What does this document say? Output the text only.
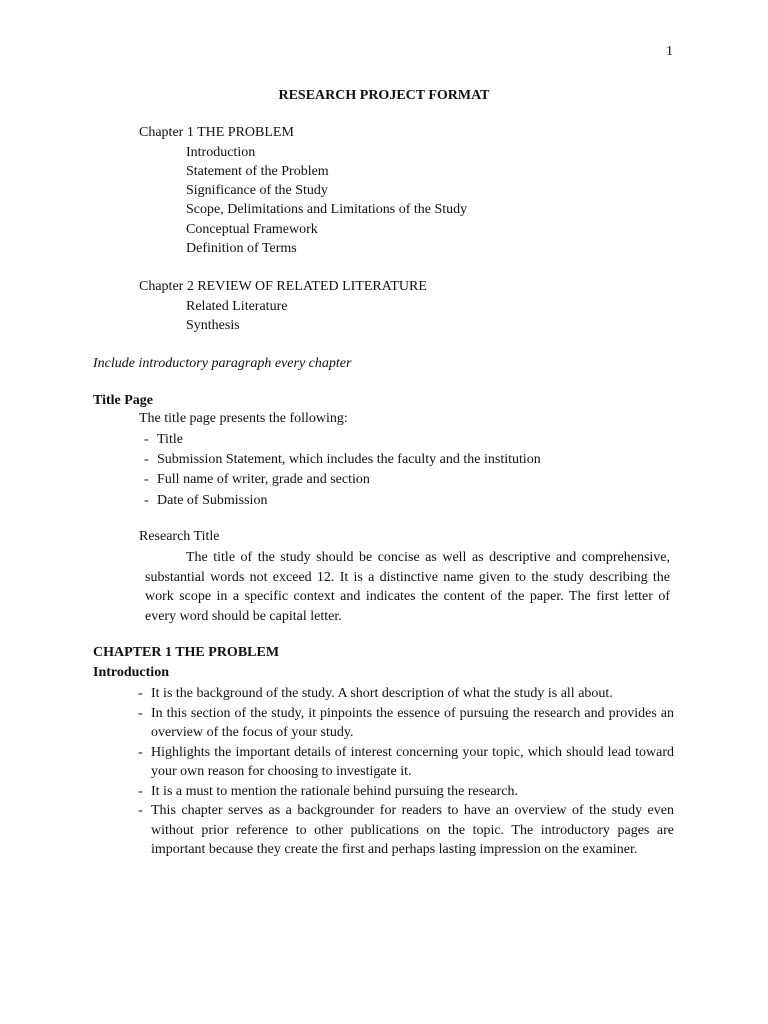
1
RESEARCH PROJECT FORMAT
Chapter 1 THE PROBLEM
Introduction
Statement of the Problem
Significance of the Study
Scope, Delimitations and Limitations of the Study
Conceptual Framework
Definition of Terms
Chapter 2 REVIEW OF RELATED LITERATURE
Related Literature
Synthesis
Include introductory paragraph every chapter
Title Page
The title page presents the following:
- Title
- Submission Statement, which includes the faculty and the institution
- Full name of writer, grade and section
- Date of Submission
Research Title
The title of the study should be concise as well as descriptive and comprehensive, substantial words not exceed 12. It is a distinctive name given to the study describing the work scope in a specific context and indicates the content of the paper. The first letter of every word should be capital letter.
CHAPTER 1 THE PROBLEM
Introduction
- It is the background of the study. A short description of what the study is all about.
- In this section of the study, it pinpoints the essence of pursuing the research and provides an overview of the focus of your study.
- Highlights the important details of interest concerning your topic, which should lead toward your own reason for choosing to investigate it.
- It is a must to mention the rationale behind pursuing the research.
- This chapter serves as a backgrounder for readers to have an overview of the study even without prior reference to other publications on the topic. The introductory pages are important because they create the first and perhaps lasting impression on the examiner.
